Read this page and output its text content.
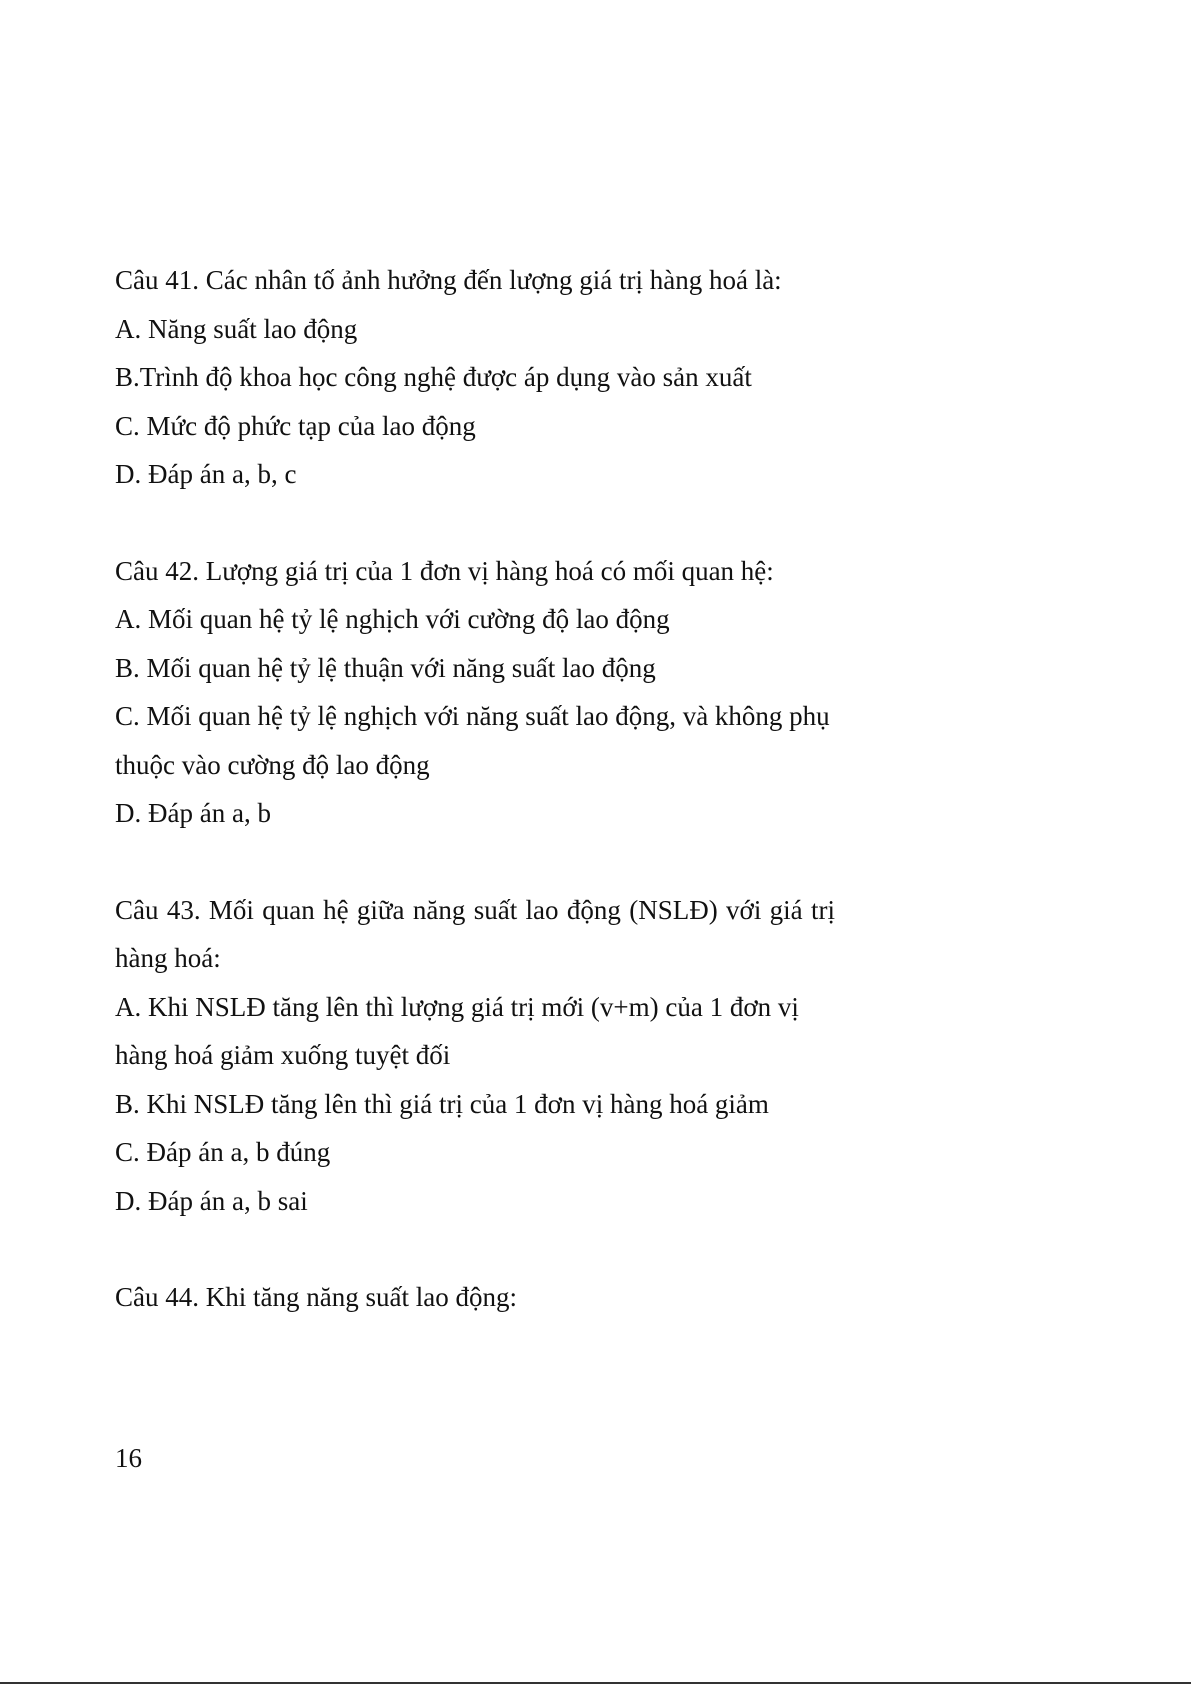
Câu 41. Các nhân tố ảnh hưởng đến lượng giá trị hàng hoá là:

A. Năng suất lao động
B.Trình độ khoa học công nghệ được áp dụng vào sản xuất
C. Mức độ phức tạp của lao động
D. Đáp án a, b, c

Câu 42. Lượng giá trị của 1 đơn vị hàng hoá có mối quan hệ:

A. Mối quan hệ tỷ lệ nghịch với cường độ lao động
B. Mối quan hệ tỷ lệ thuận với năng suất lao động
C. Mối quan hệ tỷ lệ nghịch với năng suất lao động, và không phụ thuộc vào cường độ lao động
D. Đáp án a, b

Câu 43. Mối quan hệ giữa năng suất lao động (NSLĐ) với giá trị hàng hoá:

A. Khi NSLĐ tăng lên thì lượng giá trị mới (v+m) của 1 đơn vị hàng hoá giảm xuống tuyệt đối
B. Khi NSLĐ tăng lên thì giá trị của 1 đơn vị hàng hoá giảm
C. Đáp án a, b đúng
D. Đáp án a, b sai

Câu 44. Khi tăng năng suất lao động:

16
